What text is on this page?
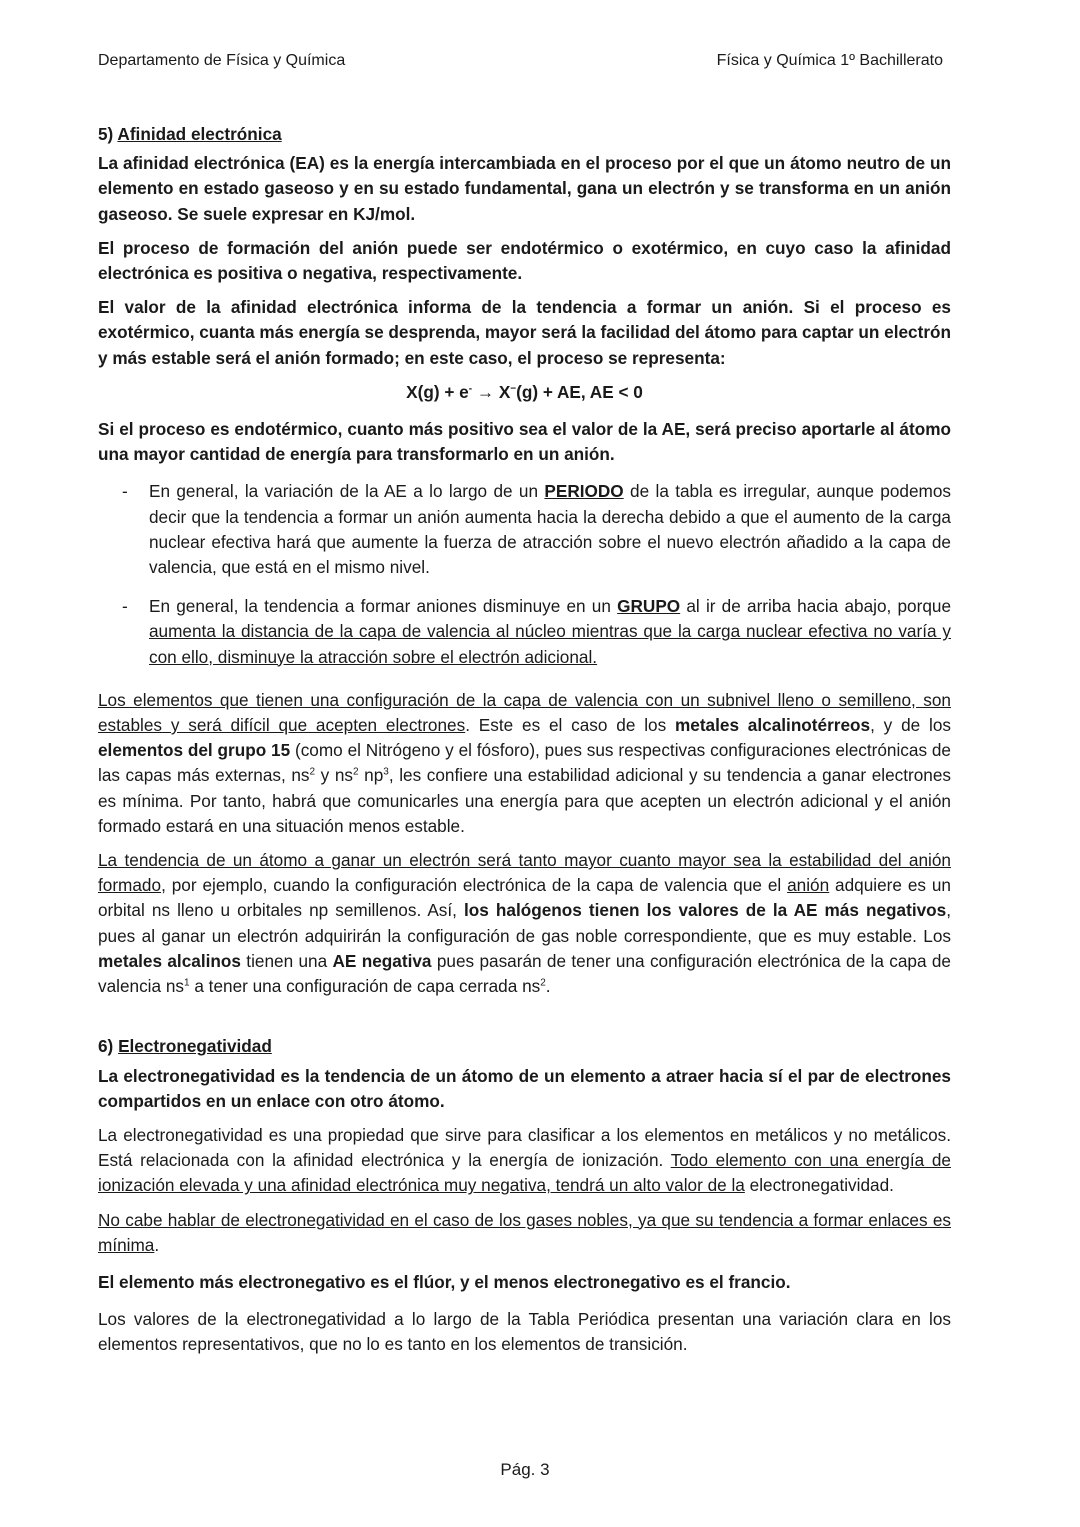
Departamento de Física y Química	Física y Química 1º Bachillerato
5) Afinidad electrónica

La afinidad electrónica (EA) es la energía intercambiada en el proceso por el que un átomo neutro de un elemento en estado gaseoso y en su estado fundamental, gana un electrón y se transforma en un anión gaseoso. Se suele expresar en KJ/mol.

El proceso de formación del anión puede ser endotérmico o exotérmico, en cuyo caso la afinidad electrónica es positiva o negativa, respectivamente.

El valor de la afinidad electrónica informa de la tendencia a formar un anión. Si el proceso es exotérmico, cuanta más energía se desprenda, mayor será la facilidad del átomo para captar un electrón y más estable será el anión formado; en este caso, el proceso se representa:

X(g) + e- → X−(g) + AE, AE < 0

Si el proceso es endotérmico, cuanto más positivo sea el valor de la AE, será preciso aportarle al átomo una mayor cantidad de energía para transformarlo en un anión.

- En general, la variación de la AE a lo largo de un PERIODO de la tabla es irregular, aunque podemos decir que la tendencia a formar un anión aumenta hacia la derecha debido a que el aumento de la carga nuclear efectiva hará que aumente la fuerza de atracción sobre el nuevo electrón añadido a la capa de valencia, que está en el mismo nivel.
- En general, la tendencia a formar aniones disminuye en un GRUPO al ir de arriba hacia abajo, porque aumenta la distancia de la capa de valencia al núcleo mientras que la carga nuclear efectiva no varía y con ello, disminuye la atracción sobre el electrón adicional.

Los elementos que tienen una configuración de la capa de valencia con un subnivel lleno o semilleno, son estables y será difícil que acepten electrones. Este es el caso de los metales alcalinotérreos, y de los elementos del grupo 15 (como el Nitrógeno y el fósforo), pues sus respectivas configuraciones electrónicas de las capas más externas, $ns^2$ y $ns^2$ $np^3$, les confiere una estabilidad adicional y su tendencia a ganar electrones es mínima. Por tanto, habrá que comunicarles una energía para que acepten un electrón adicional y el anión formado estará en una situación menos estable.

La tendencia de un átomo a ganar un electrón será tanto mayor cuanto mayor sea la estabilidad del anión formado, por ejemplo, cuando la configuración electrónica de la capa de valencia que el anión adquiere es un orbital ns lleno u orbitales np semillenos. Así, los halógenos tienen los valores de la AE más negativos, pues al ganar un electrón adquirirán la configuración de gas noble correspondiente, que es muy estable. Los metales alcalinos tienen una AE negativa pues pasarán de tener una configuración electrónica de la capa de valencia $ns^1$ a tener una configuración de capa cerrada $ns^2$.

6) Electronegatividad

La electronegatividad es la tendencia de un átomo de un elemento a atraer hacia sí el par de electrones compartidos en un enlace con otro átomo.

La electronegatividad es una propiedad que sirve para clasificar a los elementos en metálicos y no metálicos. Está relacionada con la afinidad electrónica y la energía de ionización. Todo elemento con una energía de ionización elevada y una afinidad electrónica muy negativa, tendrá un alto valor de la electronegatividad.

No cabe hablar de electronegatividad en el caso de los gases nobles, ya que su tendencia a formar enlaces es mínima.

El elemento más electronegativo es el flúor, y el menos electronegativo es el francio.

Los valores de la electronegatividad a lo largo de la Tabla Periódica presentan una variación clara en los elementos representativos, que no lo es tanto en los elementos de transición.

Pág. 3
